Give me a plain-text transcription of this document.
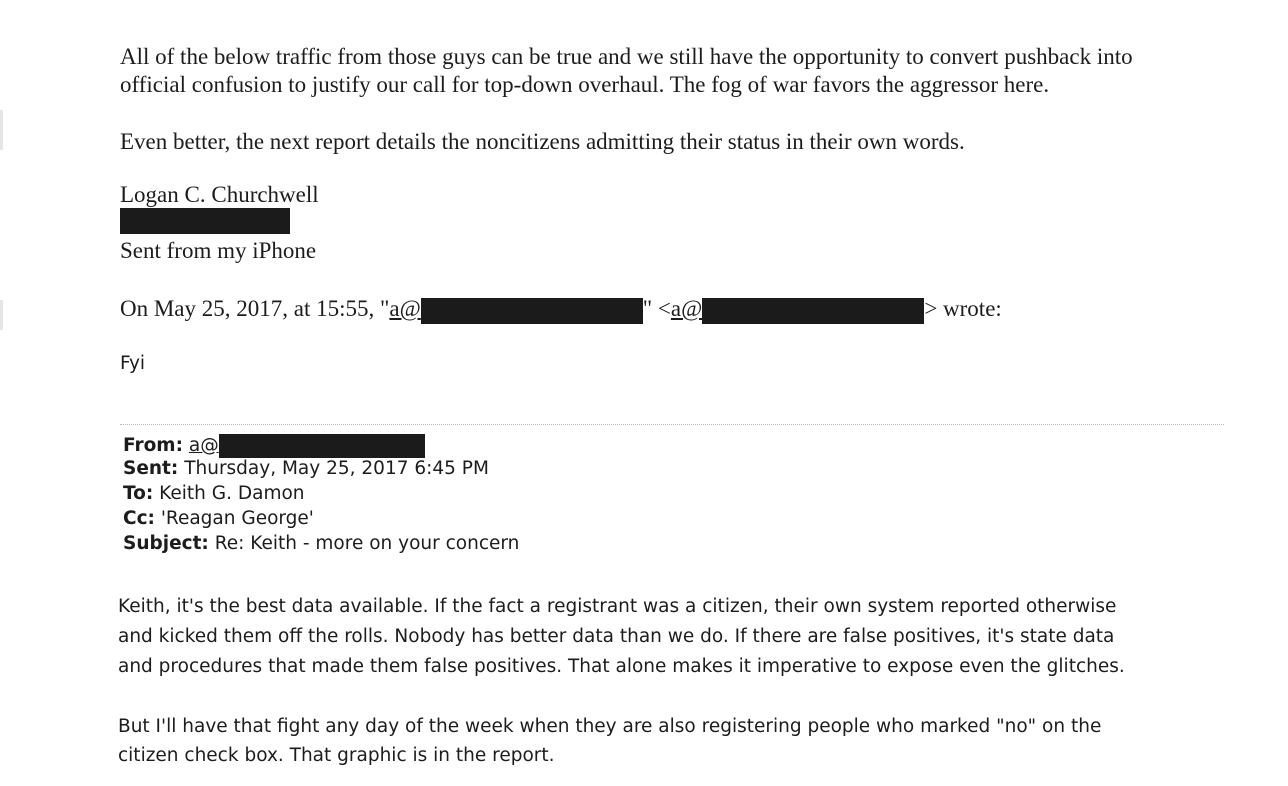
All of the below traffic from those guys can be true and we still have the opportunity to convert pushback into
official confusion to justify our call for top-down overhaul. The fog of war favors the aggressor here.
Even better, the next report details the noncitizens admitting their status in their own words.
Logan C. Churchwell
Sent from my iPhone
On May 25, 2017, at 15:55, "a@	" <a@	> wrote:
Fyi
From: a@
Sent: Thursday, May 25, 2017 6:45 PM
To: Keith G. Damon
Cc: 'Reagan George'
Subject: Re: Keith - more on your concern
Keith, it's the best data available. If the fact a registrant was a citizen, their own system reported otherwise
and kicked them off the rolls. Nobody has better data than we do. If there are false positives, it's state data
and procedures that made them false positives. That alone makes it imperative to expose even the glitches.
But I'll have that fight any day of the week when they are also registering people who marked "no" on the
citizen check box. That graphic is in the report.
